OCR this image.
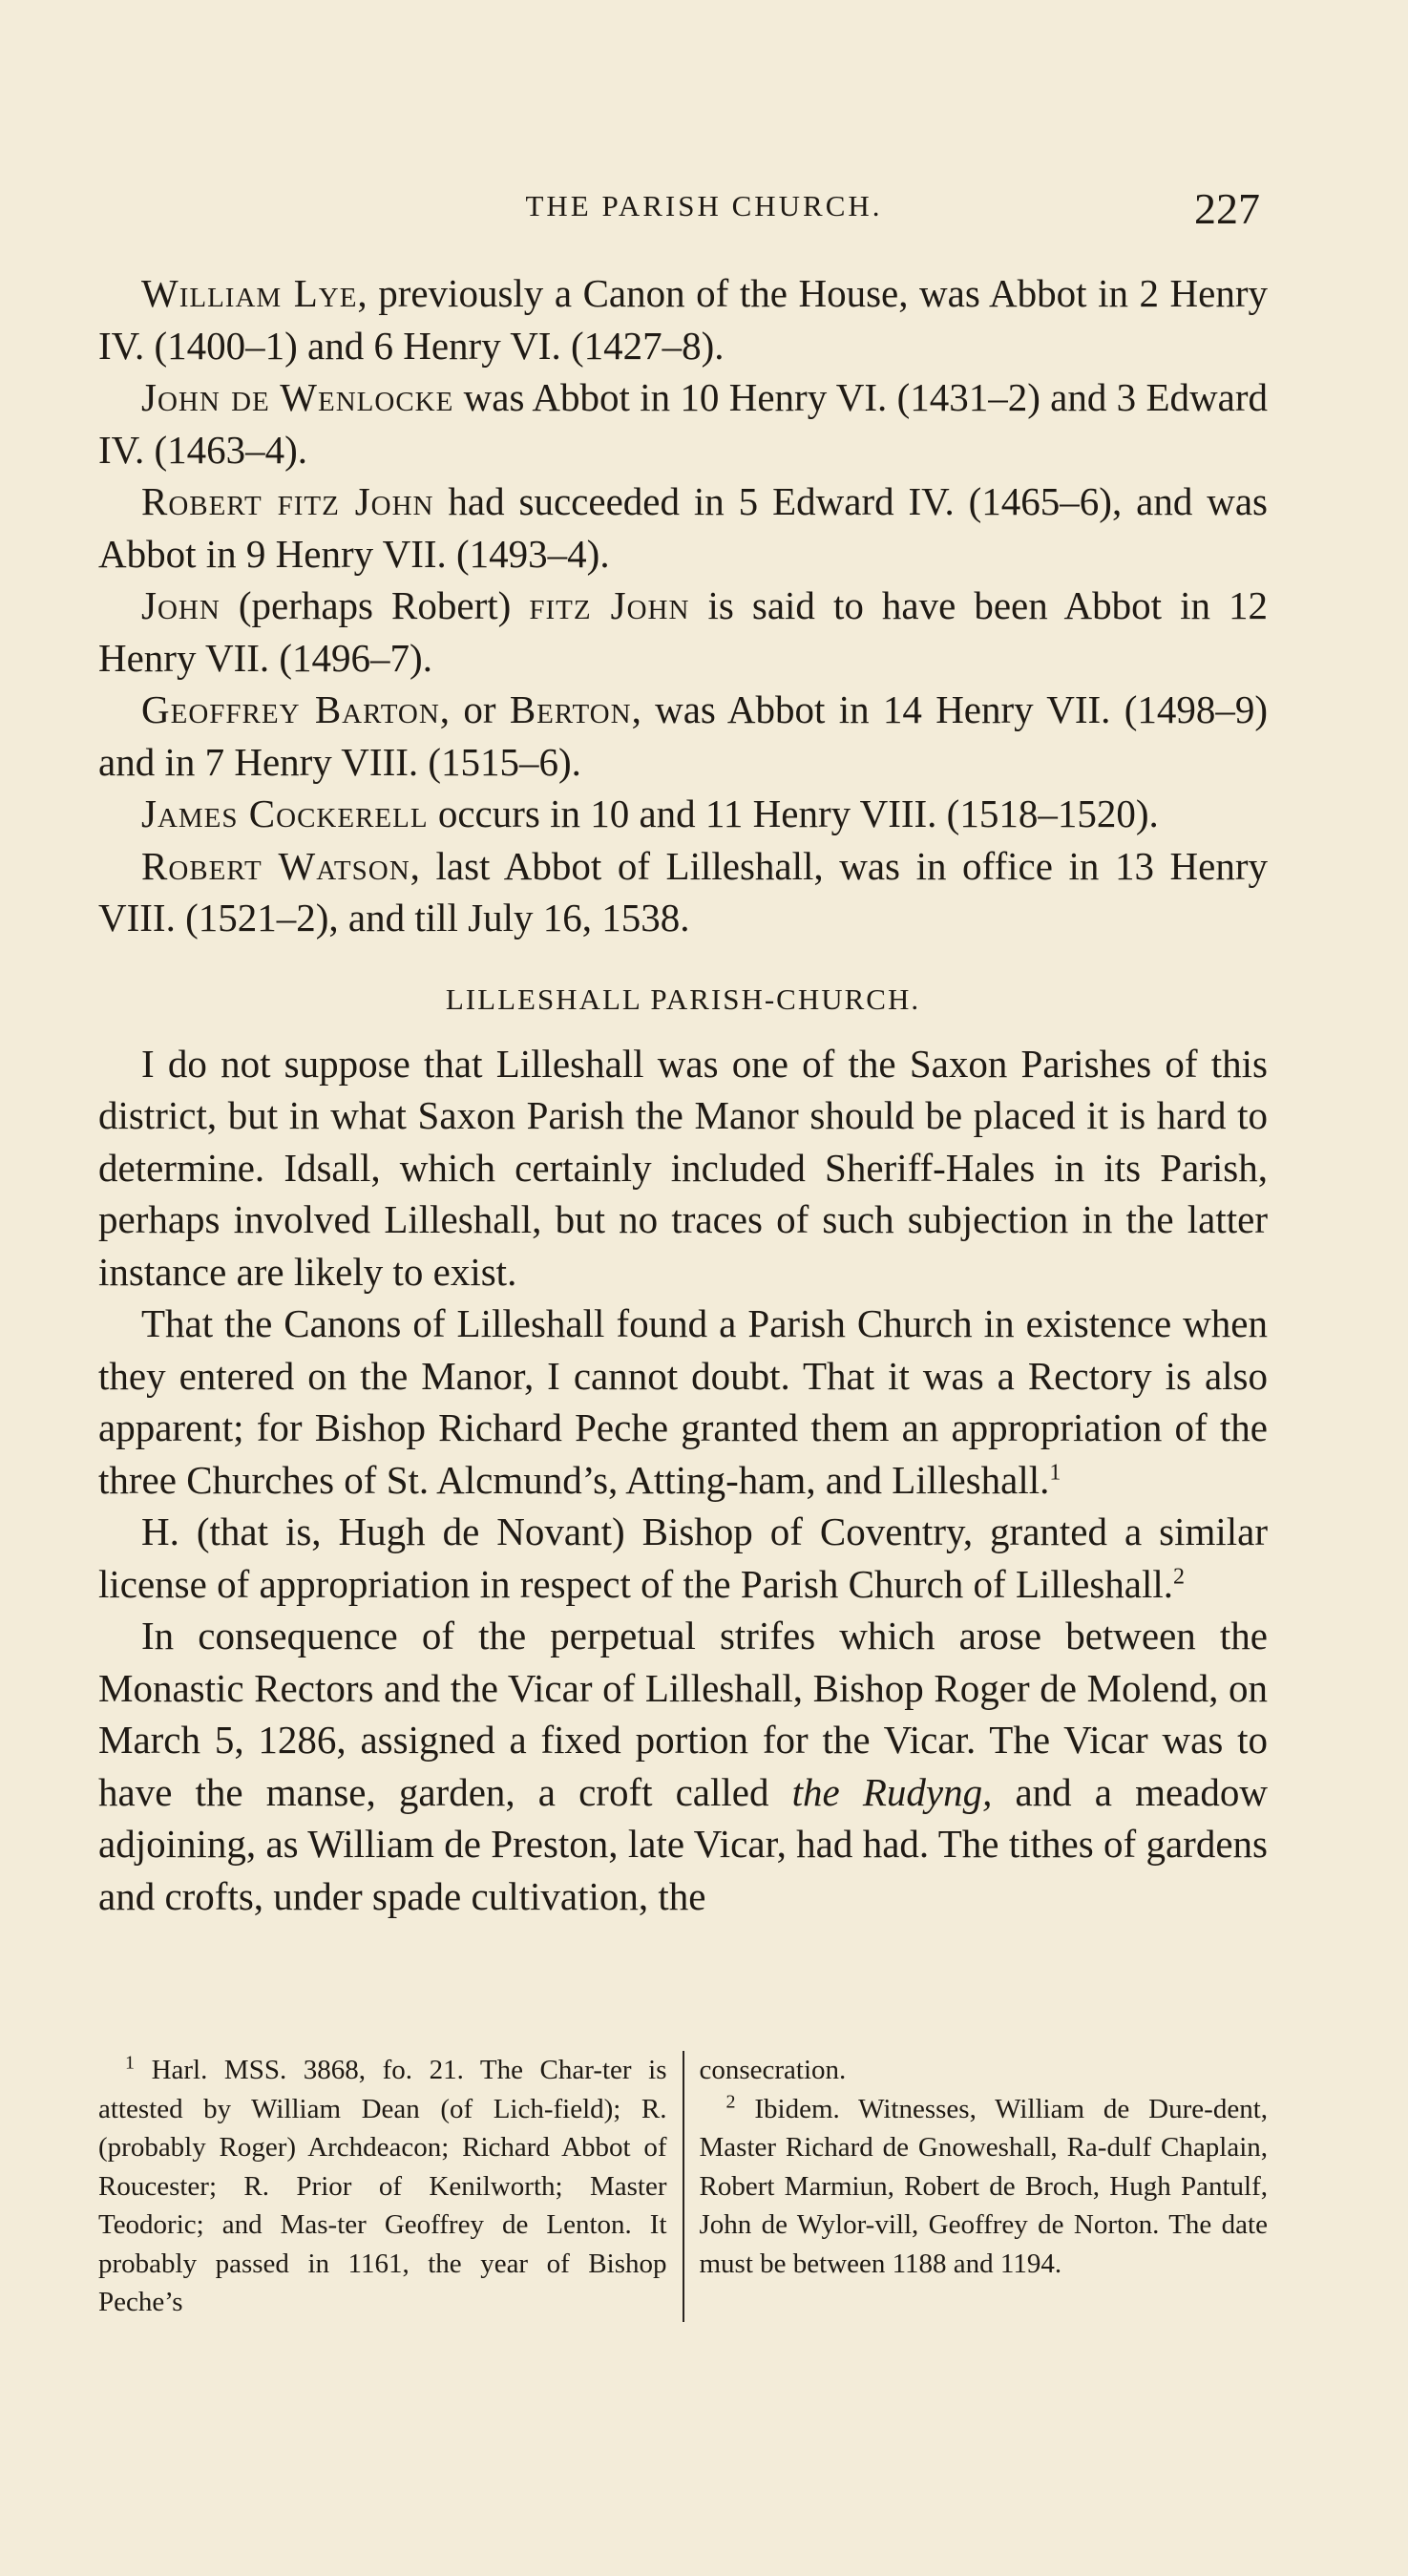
THE PARISH CHURCH.	227

William Lye, previously a Canon of the House, was Abbot in 2 Henry IV. (1400–1) and 6 Henry VI. (1427–8).

John de Wenlocke was Abbot in 10 Henry VI. (1431–2) and 3 Edward IV. (1463–4).

Robert fitz John had succeeded in 5 Edward IV. (1465–6), and was Abbot in 9 Henry VII. (1493–4).

John (perhaps Robert) fitz John is said to have been Abbot in 12 Henry VII. (1496–7).

Geoffrey Barton, or Berton, was Abbot in 14 Henry VII. (1498–9) and in 7 Henry VIII. (1515–6).

James Cockerell occurs in 10 and 11 Henry VIII. (1518–1520).

Robert Watson, last Abbot of Lilleshall, was in office in 13 Henry VIII. (1521–2), and till July 16, 1538.

LILLESHALL PARISH-CHURCH.

I do not suppose that Lilleshall was one of the Saxon Parishes of this district, but in what Saxon Parish the Manor should be placed it is hard to determine. Idsall, which certainly included Sheriff-Hales in its Parish, perhaps involved Lilleshall, but no traces of such subjection in the latter instance are likely to exist.

That the Canons of Lilleshall found a Parish Church in existence when they entered on the Manor, I cannot doubt. That it was a Rectory is also apparent; for Bishop Richard Peche granted them an appropriation of the three Churches of St. Alcmund’s, Atting-ham, and Lilleshall.$^1$

H. (that is, Hugh de Novant) Bishop of Coventry, granted a similar license of appropriation in respect of the Parish Church of Lilleshall.$^2$

In consequence of the perpetual strifes which arose between the Monastic Rectors and the Vicar of Lilleshall, Bishop Roger de Molend, on March 5, 1286, assigned a fixed portion for the Vicar. The Vicar was to have the manse, garden, a croft called the Rudyng, and a meadow adjoining, as William de Preston, late Vicar, had had. The tithes of gardens and crofts, under spade cultivation, the

$^1$ Harl. MSS. 3868, fo. 21. The Char-ter is attested by William Dean (of Lich-field); R. (probably Roger) Archdeacon; Richard Abbot of Roucester; R. Prior of Kenilworth; Master Teodoric; and Mas-ter Geoffrey de Lenton. It probably passed in 1161, the year of Bishop Peche’s

consecration.

$^2$ Ibidem. Witnesses, William de Dure-dent, Master Richard de Gnoweshall, Ra-dulf Chaplain, Robert Marmiun, Robert de Broch, Hugh Pantulf, John de Wylor-vill, Geoffrey de Norton. The date must be between 1188 and 1194.
